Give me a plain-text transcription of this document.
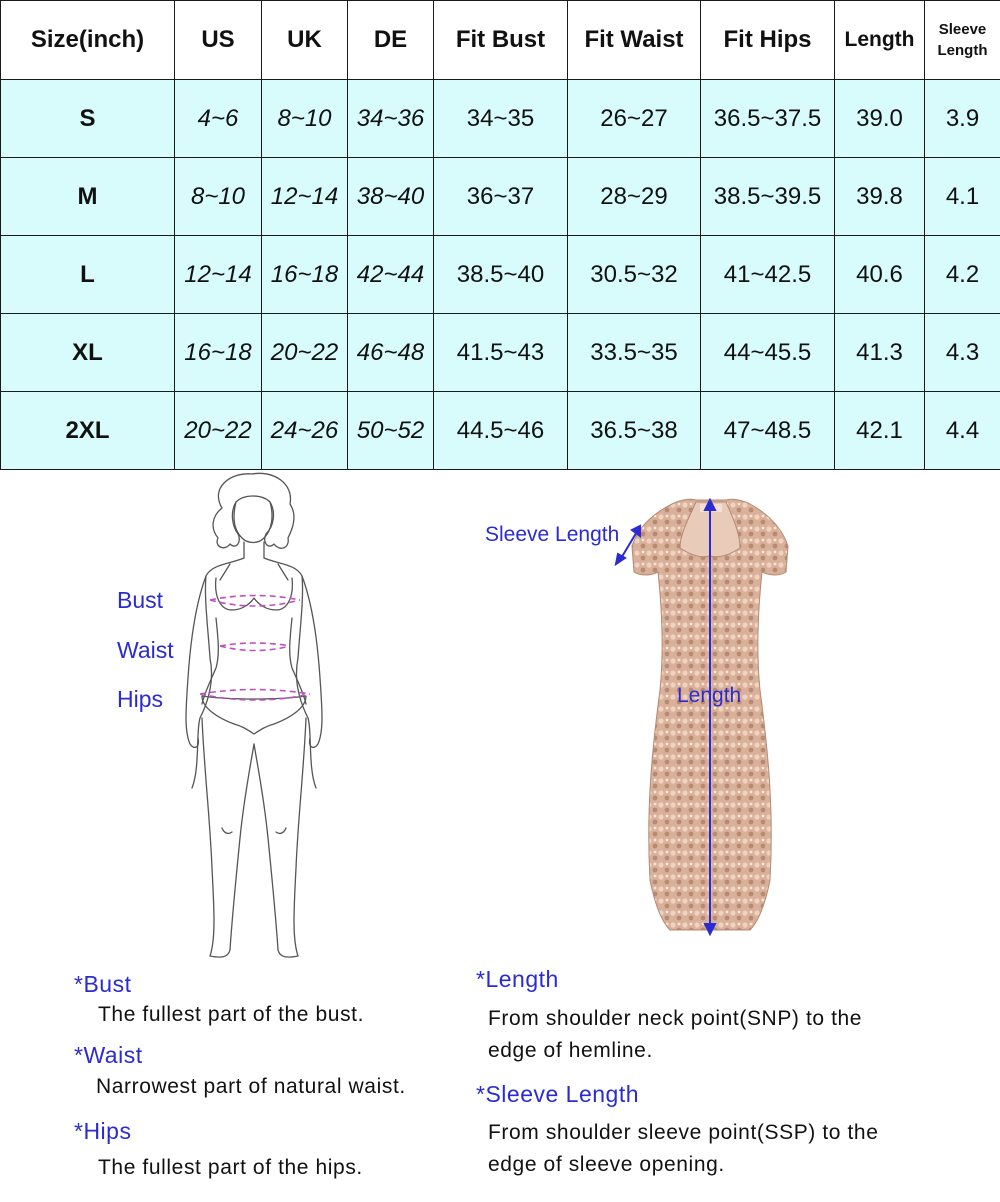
Size(inch)	US	UK	DE	Fit Bust	Fit Waist	Fit Hips	Length	Sleeve
Length
S	4~6	8~10	34~36	34~35	26~27	36.5~37.5	39.0	3.9
M	8~10	12~14	38~40	36~37	28~29	38.5~39.5	39.8	4.1
L	12~14	16~18	42~44	38.5~40	30.5~32	41~42.5	40.6	4.2
XL	16~18	20~22	46~48	41.5~43	33.5~35	44~45.5	41.3	4.3
2XL	20~22	24~26	50~52	44.5~46	36.5~38	47~48.5	42.1	4.4
Bust
Waist
Hips
Sleeve Length
Length
*Bust
The fullest part of the bust.
*Waist
Narrowest part of natural waist.
*Hips
The fullest part of the hips.
*Length
From shoulder neck point(SNP) to the
edge of hemline.
*Sleeve Length
From shoulder sleeve point(SSP) to the
edge of sleeve opening.
